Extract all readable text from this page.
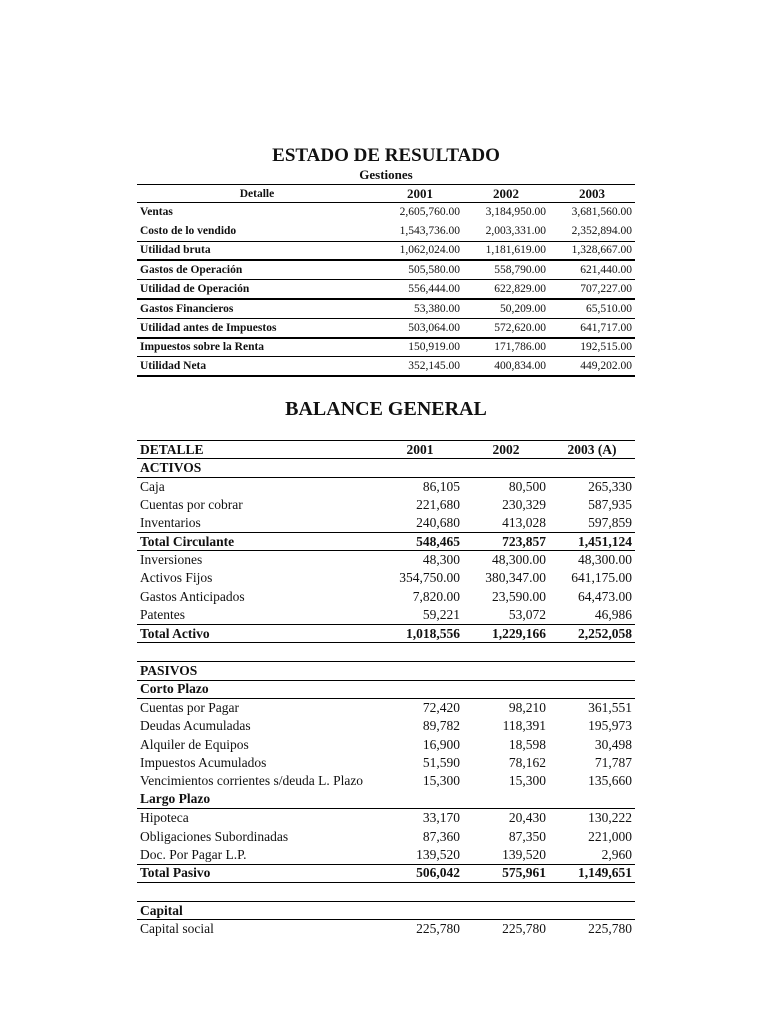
ESTADO DE RESULTADO
Gestiones
Detalle	2001	2002	2003
Ventas	2,605,760.00	3,184,950.00	3,681,560.00
Costo de lo vendido	1,543,736.00	2,003,331.00	2,352,894.00
Utilidad bruta	1,062,024.00	1,181,619.00	1,328,667.00
Gastos de Operación	505,580.00	558,790.00	621,440.00
Utilidad de Operación	556,444.00	622,829.00	707,227.00
Gastos Financieros	53,380.00	50,209.00	65,510.00
Utilidad antes de Impuestos	503,064.00	572,620.00	641,717.00
Impuestos sobre la Renta	150,919.00	171,786.00	192,515.00
Utilidad Neta	352,145.00	400,834.00	449,202.00
BALANCE GENERAL
DETALLE	2001	2002	2003 (A)
ACTIVOS			
Caja	86,105	80,500	265,330
Cuentas por cobrar	221,680	230,329	587,935
Inventarios	240,680	413,028	597,859
Total Circulante	548,465	723,857	1,451,124
Inversiones	48,300	48,300.00	48,300.00
Activos Fijos	354,750.00	380,347.00	641,175.00
Gastos Anticipados	7,820.00	23,590.00	64,473.00
Patentes	59,221	53,072	46,986
Total Activo	1,018,556	1,229,166	2,252,058

PASIVOS			
Corto Plazo			
Cuentas por Pagar	72,420	98,210	361,551
Deudas Acumuladas	89,782	118,391	195,973
Alquiler de Equipos	16,900	18,598	30,498
Impuestos Acumulados	51,590	78,162	71,787
Vencimientos corrientes s/deuda L. Plazo	15,300	15,300	135,660
Largo Plazo			
Hipoteca	33,170	20,430	130,222
Obligaciones Subordinadas	87,360	87,350	221,000
Doc. Por Pagar L.P.	139,520	139,520	2,960
Total Pasivo	506,042	575,961	1,149,651

Capital			
Capital social	225,780	225,780	225,780
